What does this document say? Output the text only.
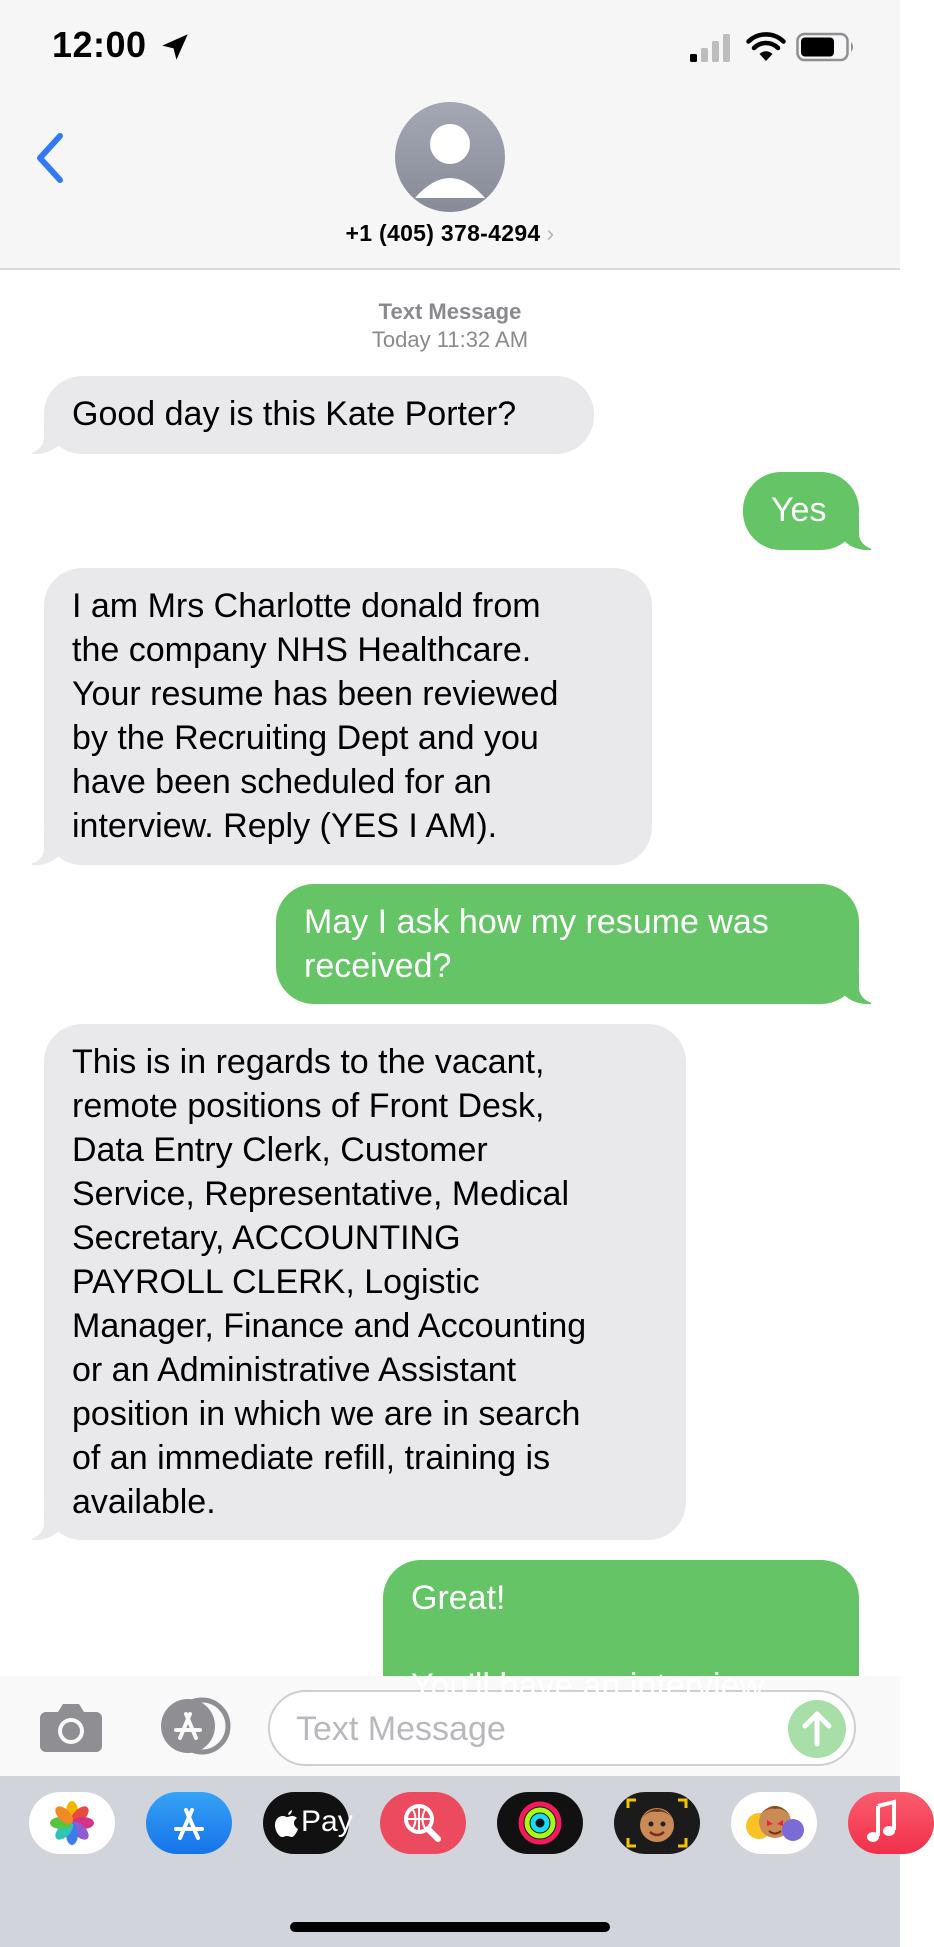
12:00
+1 (405) 378-4294 ›
Text Message
Today 11:32 AM
Good day is this Kate Porter?
Yes
I am Mrs Charlotte donald from
the company NHS Healthcare.
Your resume has been reviewed
by the Recruiting Dept and you
have been scheduled for an
interview. Reply (YES I AM).
May I ask how my resume was
received?
This is in regards to the vacant,
remote positions of Front Desk,
Data Entry Clerk, Customer
Service, Representative, Medical
Secretary, ACCOUNTING
PAYROLL CLERK, Logistic
Manager, Finance and Accounting
or an Administrative Assistant
position in which we are in search
of an immediate refill, training is
available.
Great!

You'll have an interview
Text Message
Pay
